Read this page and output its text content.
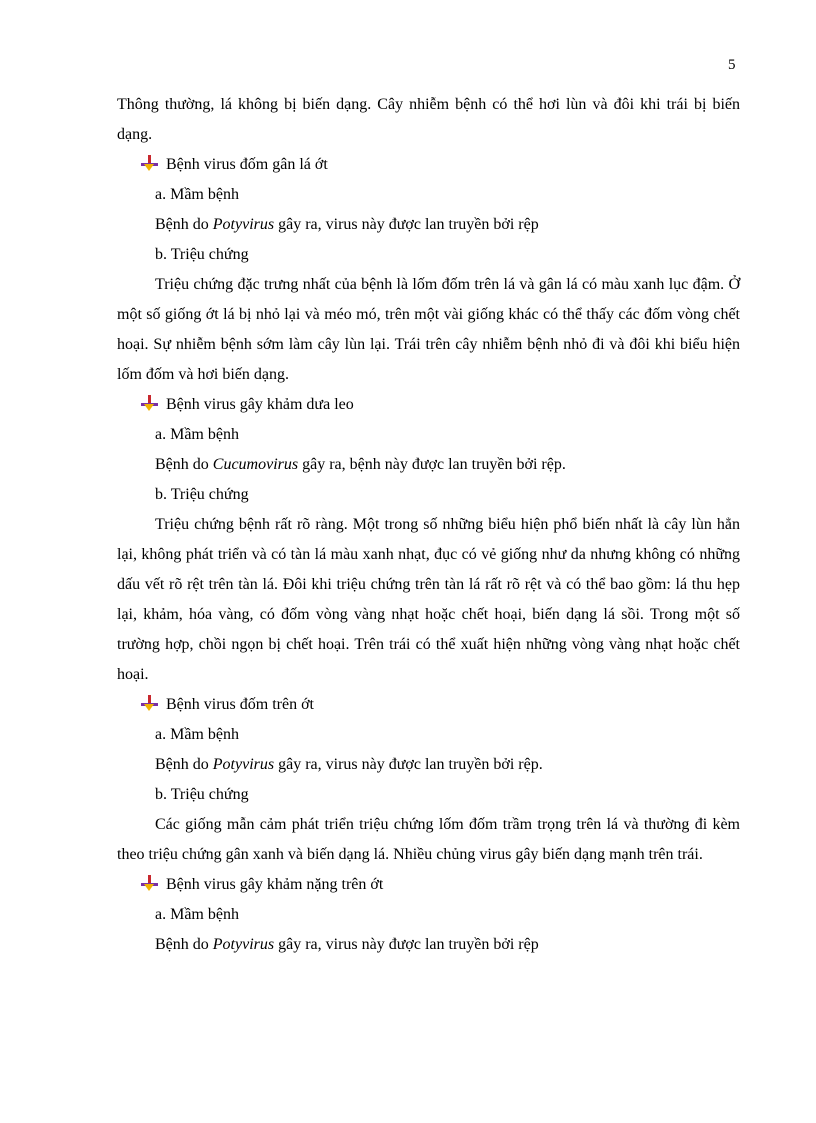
5

Thông thường, lá không bị biến dạng. Cây nhiễm bệnh có thể hơi lùn và đôi khi trái bị biến dạng.

Bệnh virus đốm gân lá ớt

a. Mầm bệnh

Bệnh do Potyvirus gây ra, virus này được lan truyền bởi rệp

b. Triệu chứng

Triệu chứng đặc trưng nhất của bệnh là lốm đốm trên lá và gân lá có màu xanh lục đậm. Ở một số giống ớt lá bị nhỏ lại và méo mó, trên một vài giống khác có thể thấy các đốm vòng chết hoại. Sự nhiễm bệnh sớm làm cây lùn lại. Trái trên cây nhiễm bệnh nhỏ đi và đôi khi biểu hiện lốm đốm và hơi biến dạng.

Bệnh virus gây khảm dưa leo

a. Mầm bệnh

Bệnh do Cucumovirus gây ra, bệnh này được lan truyền bởi rệp.

b. Triệu chứng

Triệu chứng bệnh rất rõ ràng. Một trong số những biểu hiện phổ biến nhất là cây lùn hẳn lại, không phát triển và có tàn lá màu xanh nhạt, đục có vẻ giống như da nhưng không có những dấu vết rõ rệt trên tàn lá. Đôi khi triệu chứng trên tàn lá rất rõ rệt và có thể bao gồm: lá thu hẹp lại, khảm, hóa vàng, có đốm vòng vàng nhạt hoặc chết hoại, biến dạng lá sồi. Trong một số trường hợp, chồi ngọn bị chết hoại. Trên trái có thể xuất hiện những vòng vàng nhạt hoặc chết hoại.

Bệnh virus đốm trên ớt

a. Mầm bệnh

Bệnh do Potyvirus gây ra, virus này được lan truyền bởi rệp.

b. Triệu chứng

Các giống mẫn cảm phát triển triệu chứng lốm đốm trầm trọng trên lá và thường đi kèm theo triệu chứng gân xanh và biến dạng lá. Nhiều chủng virus gây biến dạng mạnh trên trái.

Bệnh virus gây khảm nặng trên ớt

a. Mầm bệnh

Bệnh do Potyvirus gây ra, virus này được lan truyền bởi rệp
